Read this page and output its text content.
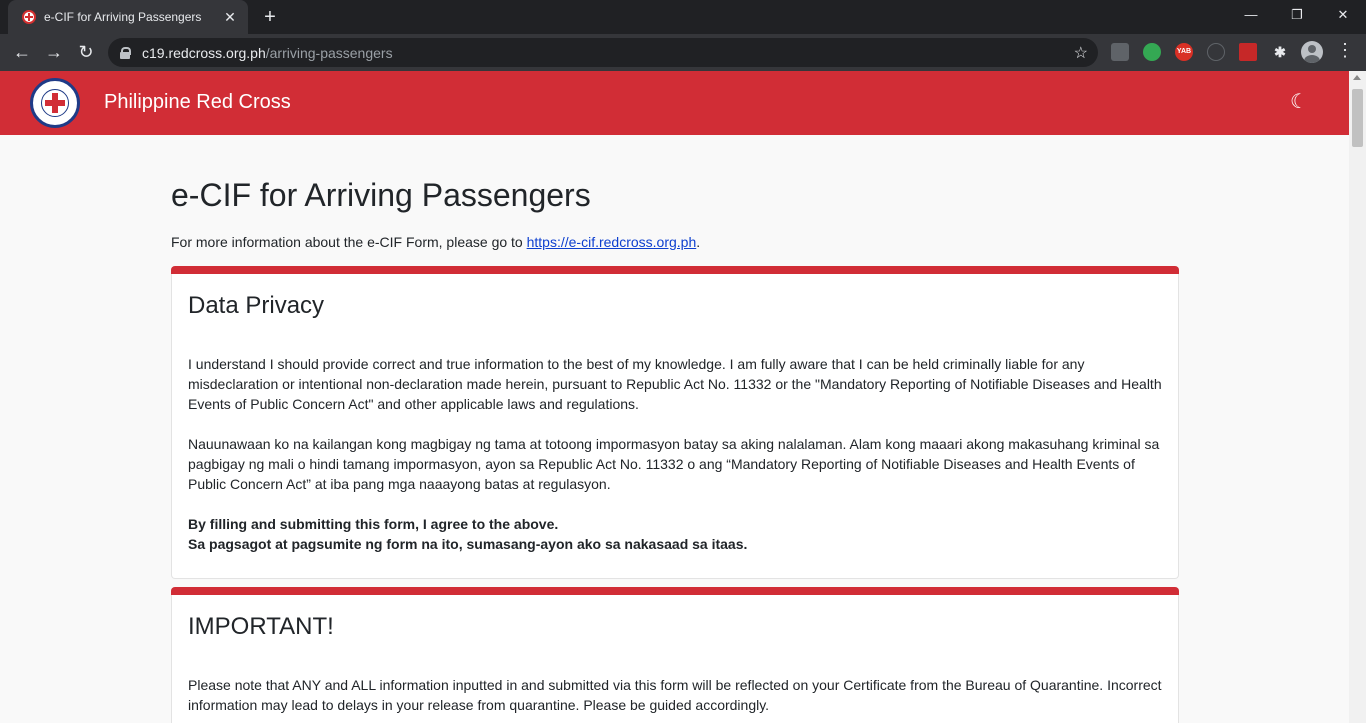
e-CIF for Arriving Passengers	✕	+	—	❐	✕
← → ↻	c19.redcross.org.ph /arriving-passengers	☆	YAB	✱	⋮
Philippine Red Cross	☾
e-CIF for Arriving Passengers
For more information about the e-CIF Form, please go to https://e-cif.redcross.org.ph.
Data Privacy

I understand I should provide correct and true information to the best of my knowledge. I am fully aware that I can be held criminally liable for any misdeclaration or intentional non-declaration made herein, pursuant to Republic Act No. 11332 or the "Mandatory Reporting of Notifiable Diseases and Health Events of Public Concern Act" and other applicable laws and regulations.

Nauunawaan ko na kailangan kong magbigay ng tama at totoong impormasyon batay sa aking nalalaman. Alam kong maaari akong makasuhang kriminal sa pagbigay ng mali o hindi tamang impormasyon, ayon sa Republic Act No. 11332 o ang “Mandatory Reporting of Notifiable Diseases and Health Events of Public Concern Act” at iba pang mga naaayong batas at regulasyon.

By filling and submitting this form, I agree to the above.

Sa pagsagot at pagsumite ng form na ito, sumasang-ayon ako sa nakasaad sa itaas.

IMPORTANT!

Please note that ANY and ALL information inputted in and submitted via this form will be reflected on your Certificate from the Bureau of Quarantine. Incorrect information may lead to delays in your release from quarantine. Please be guided accordingly.
